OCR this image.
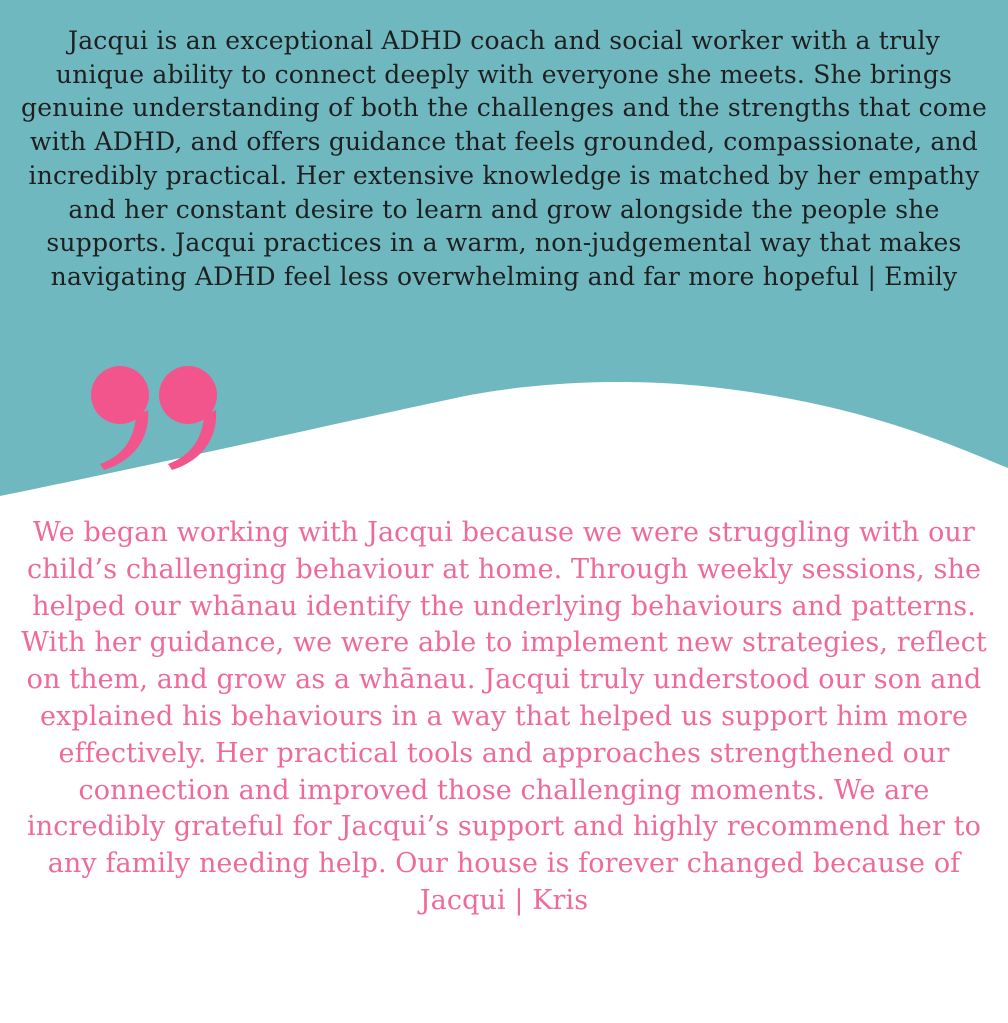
Jacqui is an exceptional ADHD coach and social worker with a truly unique ability to connect deeply with everyone she meets. She brings genuine understanding of both the challenges and the strengths that come with ADHD, and offers guidance that feels grounded, compassionate, and incredibly practical. Her extensive knowledge is matched by her empathy and her constant desire to learn and grow alongside the people she supports. Jacqui practices in a warm, non-judgemental way that makes navigating ADHD feel less overwhelming and far more hopeful | Emily

We began working with Jacqui because we were struggling with our child’s challenging behaviour at home. Through weekly sessions, she helped our whānau identify the underlying behaviours and patterns. With her guidance, we were able to implement new strategies, reflect on them, and grow as a whānau. Jacqui truly understood our son and explained his behaviours in a way that helped us support him more effectively. Her practical tools and approaches strengthened our connection and improved those challenging moments. We are incredibly grateful for Jacqui’s support and highly recommend her to any family needing help. Our house is forever changed because of Jacqui | Kris
